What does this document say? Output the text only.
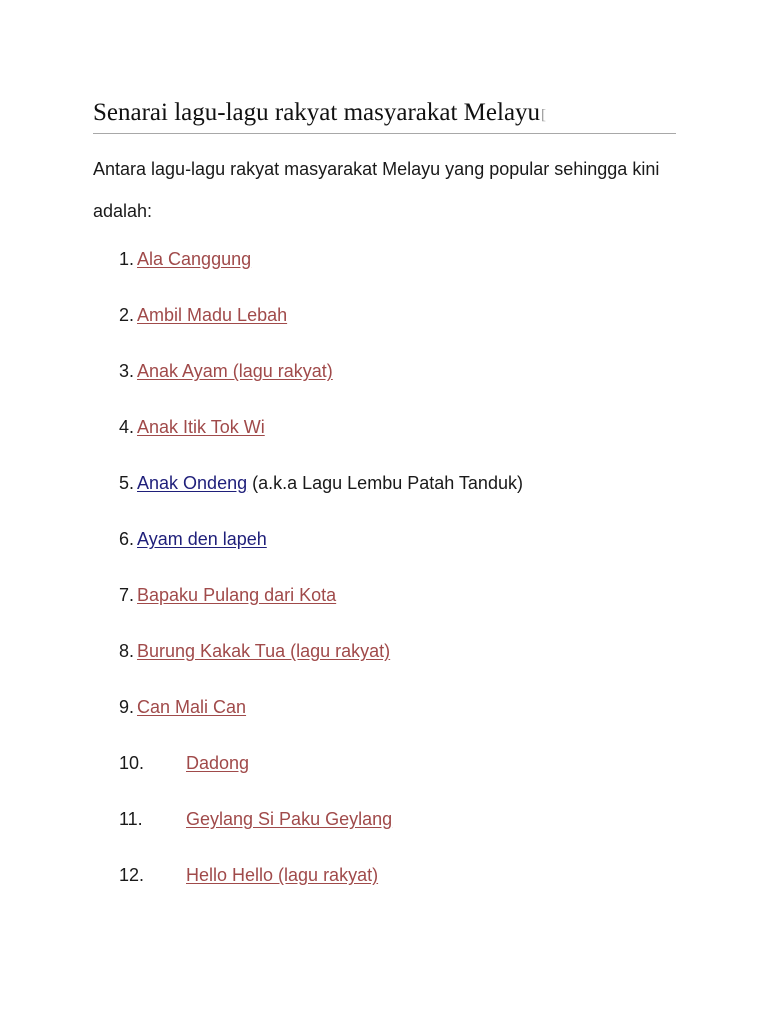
Senarai lagu-lagu rakyat masyarakat Melayu[

Antara lagu-lagu rakyat masyarakat Melayu yang popular sehingga kini adalah:

1. Ala Canggung
2. Ambil Madu Lebah
3. Anak Ayam (lagu rakyat)
4. Anak Itik Tok Wi
5. Anak Ondeng (a.k.a Lagu Lembu Patah Tanduk)
6. Ayam den lapeh
7. Bapaku Pulang dari Kota
8. Burung Kakak Tua (lagu rakyat)
9. Can Mali Can
10. Dadong
11. Geylang Si Paku Geylang
12. Hello Hello (lagu rakyat)
